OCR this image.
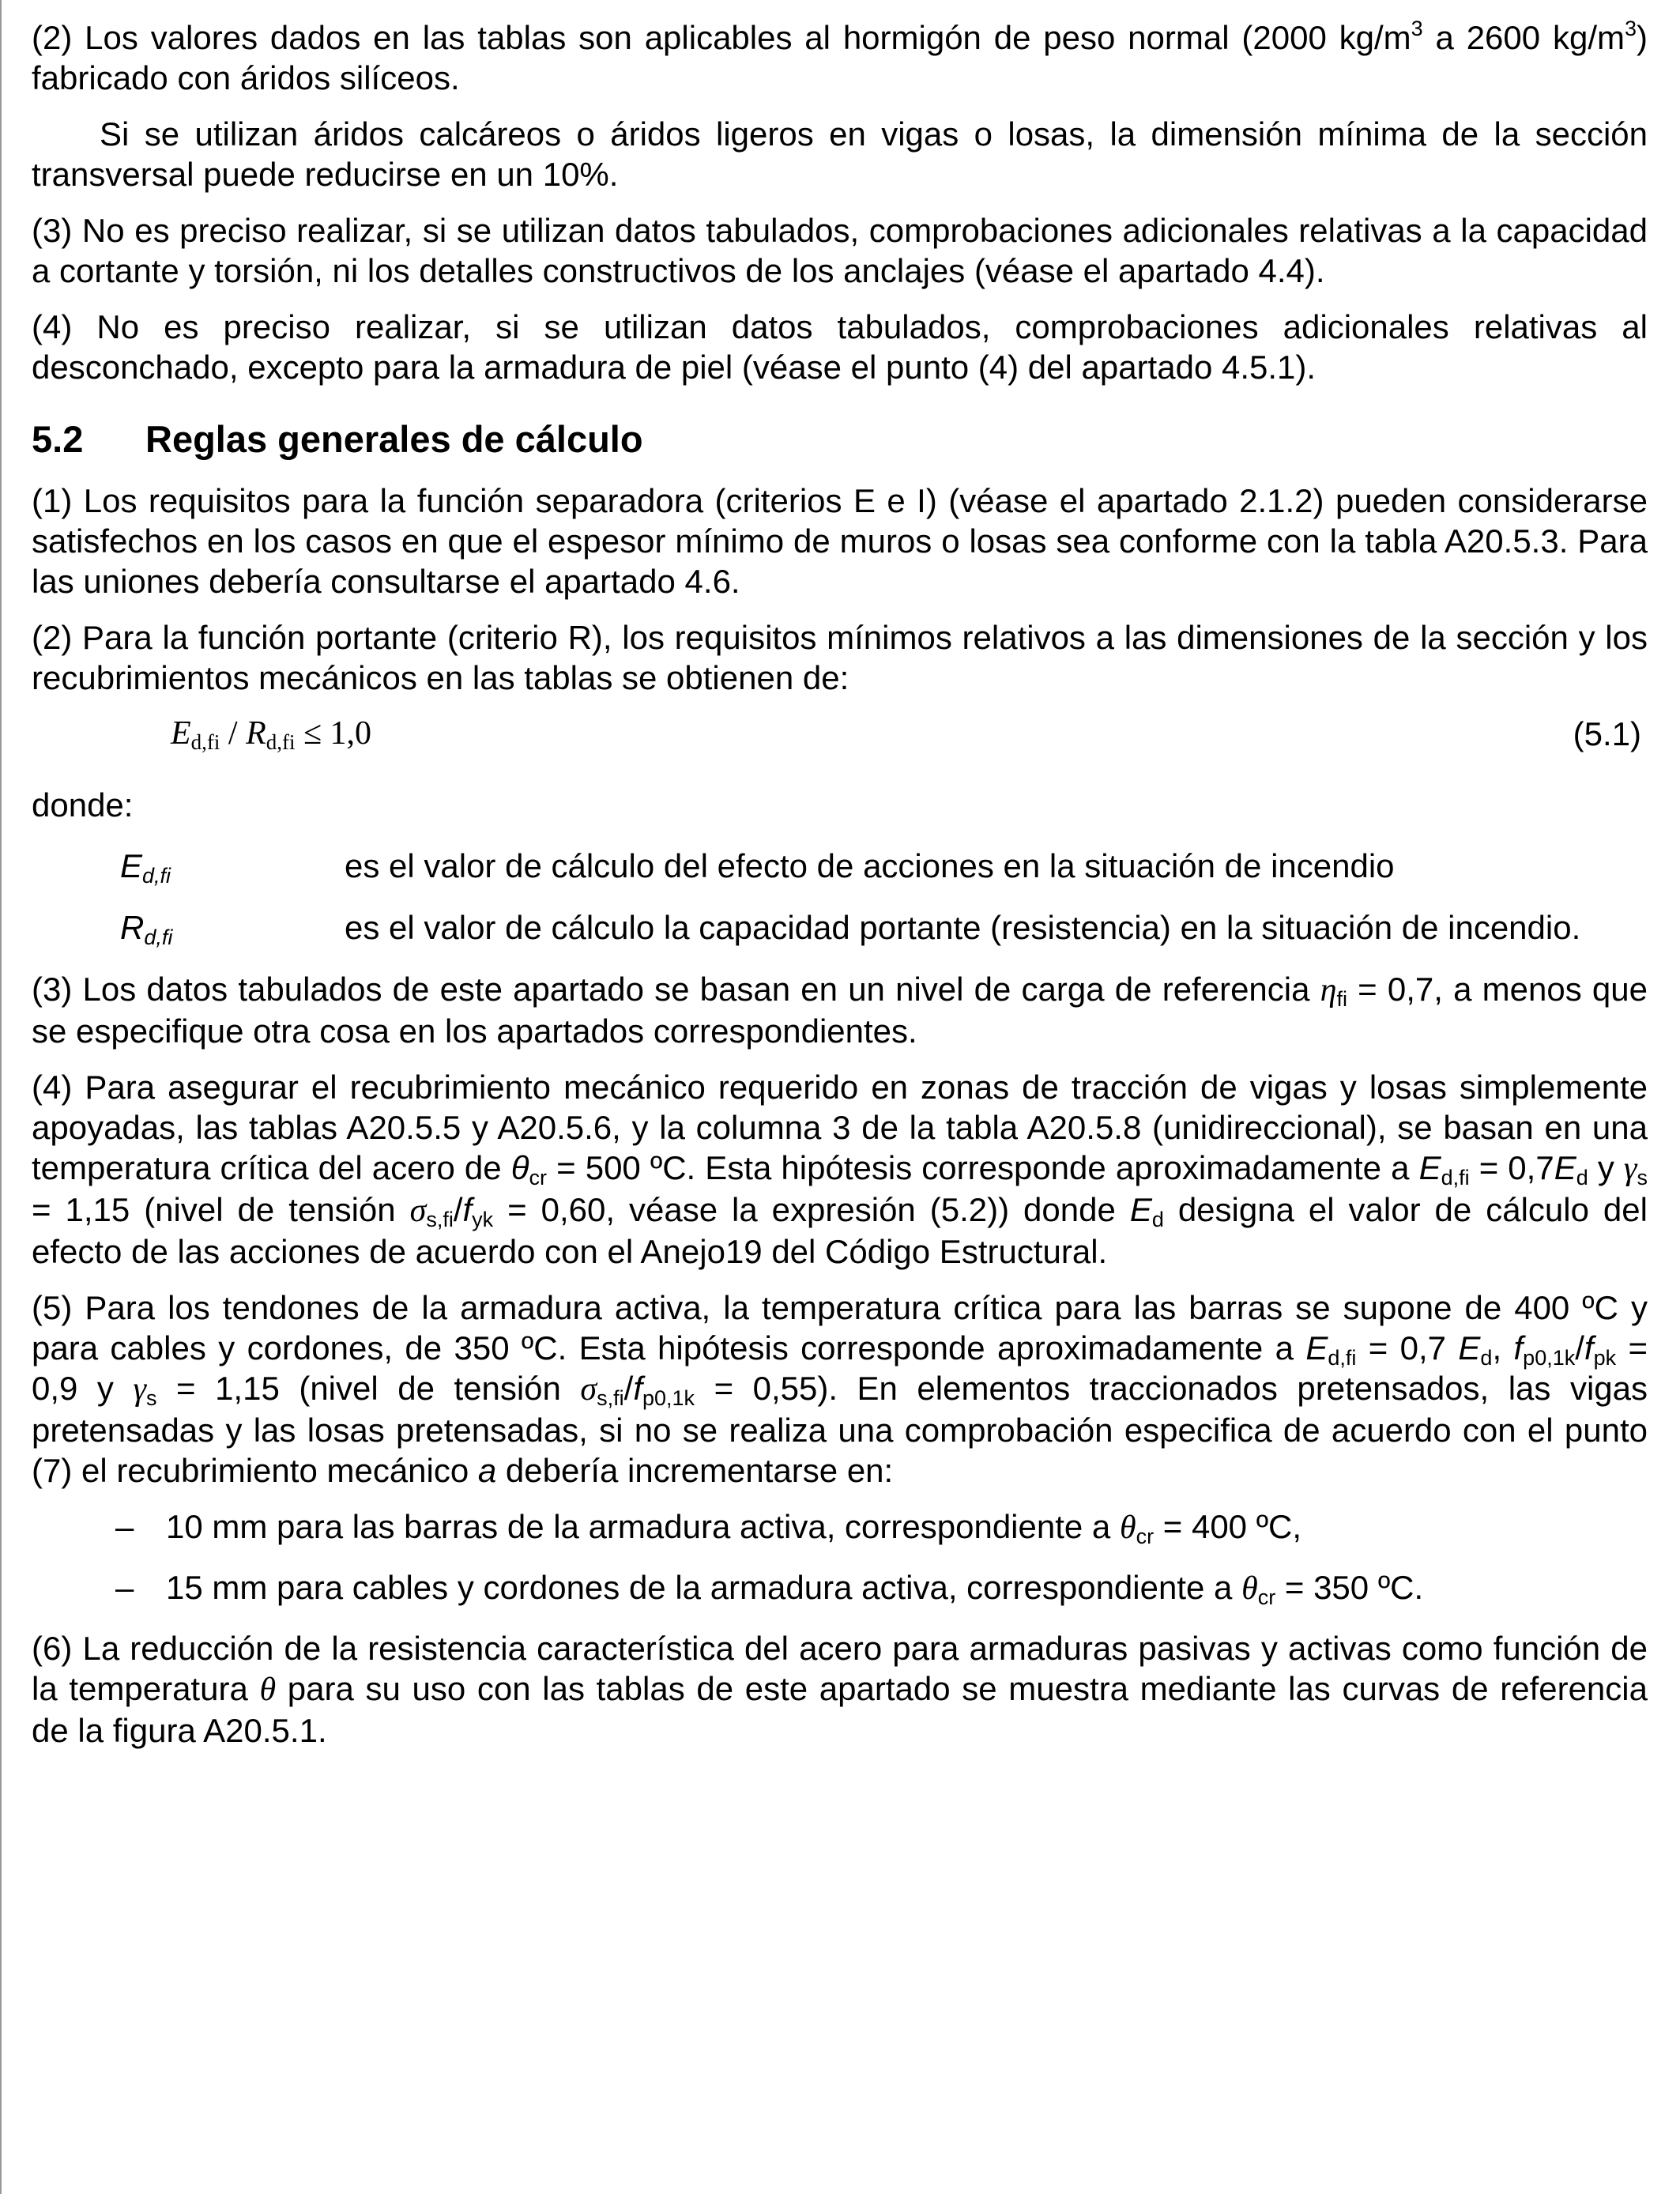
(2) Los valores dados en las tablas son aplicables al hormigón de peso normal (2000 $kg/m^3$ a 2600 $kg/m^3$) fabricado con áridos silíceos.

Si se utilizan áridos calcáreos o áridos ligeros en vigas o losas, la dimensión mínima de la sección transversal puede reducirse en un 10%.

(3) No es preciso realizar, si se utilizan datos tabulados, comprobaciones adicionales relativas a la capacidad a cortante y torsión, ni los detalles constructivos de los anclajes (véase el apartado 4.4).

(4) No es preciso realizar, si se utilizan datos tabulados, comprobaciones adicionales relativas al desconchado, excepto para la armadura de piel (véase el punto (4) del apartado 4.5.1).

5.2 Reglas generales de cálculo

(1) Los requisitos para la función separadora (criterios E e I) (véase el apartado 2.1.2) pueden considerarse satisfechos en los casos en que el espesor mínimo de muros o losas sea conforme con la tabla A20.5.3. Para las uniones debería consultarse el apartado 4.6.

(2) Para la función portante (criterio R), los requisitos mínimos relativos a las dimensiones de la sección y los recubrimientos mecánicos en las tablas se obtienen de:

$E_{d,fi} / R_{d,fi} \le 1,0$	(5.1)

donde:

$E_{d,fi}$	es el valor de cálculo del efecto de acciones en la situación de incendio
$R_{d,fi}$	es el valor de cálculo la capacidad portante (resistencia) en la situación de incendio.

(3) Los datos tabulados de este apartado se basan en un nivel de carga de referencia $\eta_{fi} = 0,7$, a menos que se especifique otra cosa en los apartados correspondientes.

(4) Para asegurar el recubrimiento mecánico requerido en zonas de tracción de vigas y losas simplemente apoyadas, las tablas A20.5.5 y A20.5.6, y la columna 3 de la tabla A20.5.8 (unidireccional), se basan en una temperatura crítica del acero de $\theta_{cr} = 500$ ºC. Esta hipótesis corresponde aproximadamente a $E_{d,fi} = 0,7E_d$ y $\gamma_s = 1,15$ (nivel de tensión $\sigma_{s,fi}/f_{yk} = 0,60$, véase la expresión (5.2)) donde $E_d$ designa el valor de cálculo del efecto de las acciones de acuerdo con el Anejo19 del Código Estructural.

(5) Para los tendones de la armadura activa, la temperatura crítica para las barras se supone de 400 ºC y para cables y cordones, de 350 ºC. Esta hipótesis corresponde aproximadamente a $E_{d,fi} = 0,7$ $E_d$, $f_{p0,1k}/f_{pk} = 0,9$ y $\gamma_s = 1,15$ (nivel de tensión $\sigma_{s,fi}/f_{p0,1k} = 0,55$). En elementos traccionados pretensados, las vigas pretensadas y las losas pretensadas, si no se realiza una comprobación especifica de acuerdo con el punto (7) el recubrimiento mecánico a debería incrementarse en:

– 10 mm para las barras de la armadura activa, correspondiente a $\theta_{cr} = 400$ ºC,
– 15 mm para cables y cordones de la armadura activa, correspondiente a $\theta_{cr} = 350$ ºC.

(6) La reducción de la resistencia característica del acero para armaduras pasivas y activas como función de la temperatura θ para su uso con las tablas de este apartado se muestra mediante las curvas de referencia de la figura A20.5.1.
